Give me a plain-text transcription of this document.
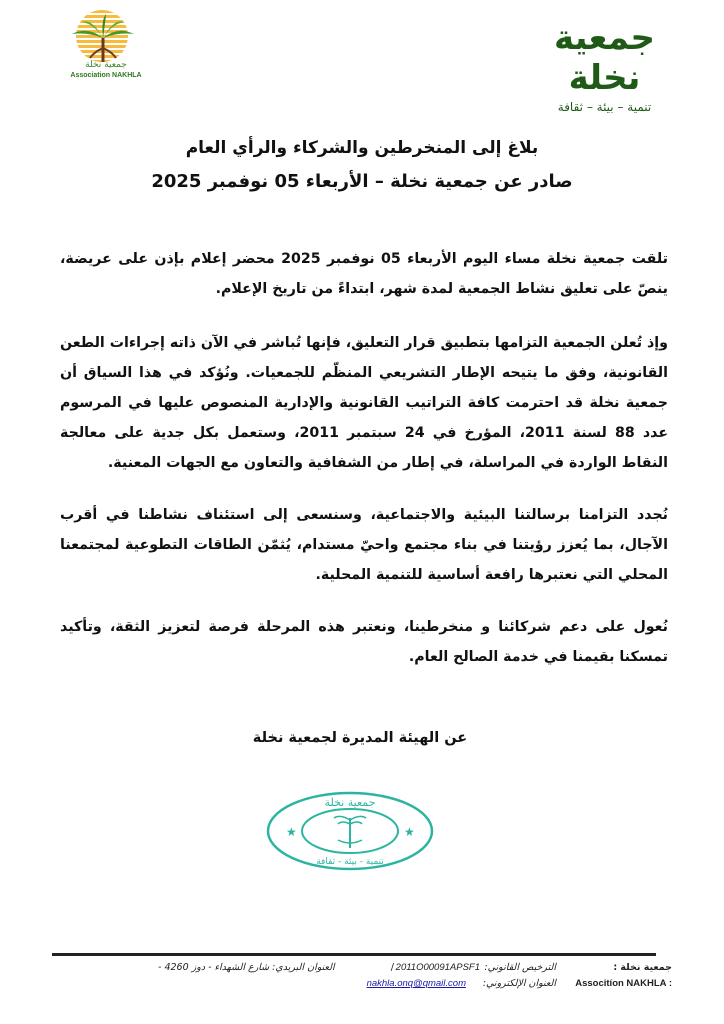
جمعية نخلة
Association NAKHLA
جمعية نخلة
تنمية – بيئة – ثقافة
بلاغ إلى المنخرطين والشركاء والرأي العام
صادر عن جمعية نخلة – الأربعاء 05 نوفمبر 2025

تلقت جمعية نخلة مساء اليوم الأربعاء 05 نوفمبر 2025 محضر إعلام بإذن على عريضة، ينصّ على تعليق نشاط الجمعية لمدة شهر، ابتداءً من تاريخ الإعلام.

وإذ تُعلن الجمعية التزامها بتطبيق قرار التعليق، فإنها تُباشر في الآن ذاته إجراءات الطعن القانونية، وفق ما يتيحه الإطار التشريعي المنظّم للجمعيات. ونُؤكد في هذا السياق أن جمعية نخلة قد احترمت كافة التراتيب القانونية والإدارية المنصوص عليها في المرسوم عدد 88 لسنة 2011، المؤرخ في 24 سبتمبر 2011، وستعمل بكل جدية على معالجة النقاط الواردة في المراسلة، في إطار من الشفافية والتعاون مع الجهات المعنية.

نُجدد التزامنا برسالتنا البيئية والاجتماعية، وسنسعى إلى استئناف نشاطنا في أقرب الآجال، بما يُعزز رؤيتنا في بناء مجتمع واحيّ مستدام، يُثمّن الطاقات التطوعية لمجتمعنا المحلي التي نعتبرها رافعة أساسية للتنمية المحلية.

نُعول على دعم شركائنا و منخرطينا، ونعتبر هذه المرحلة فرصة لتعزيز الثقة، وتأكيد تمسكنا بقيمنا في خدمة الصالح العام.

عن الهيئة المديرة لجمعية نخلة
★	★
جمعية نخلة
تنمية - بيئة - ثقافة
جمعية نخلة :
الترخيص القانوني:
2011O00091APSF1
/
العنوان البريدي: شارع الشهداء - دوز 4260 -
Associtíon NAKHLA :
العنوان الإلكتروني:
nakhla.onq@qmail.com
